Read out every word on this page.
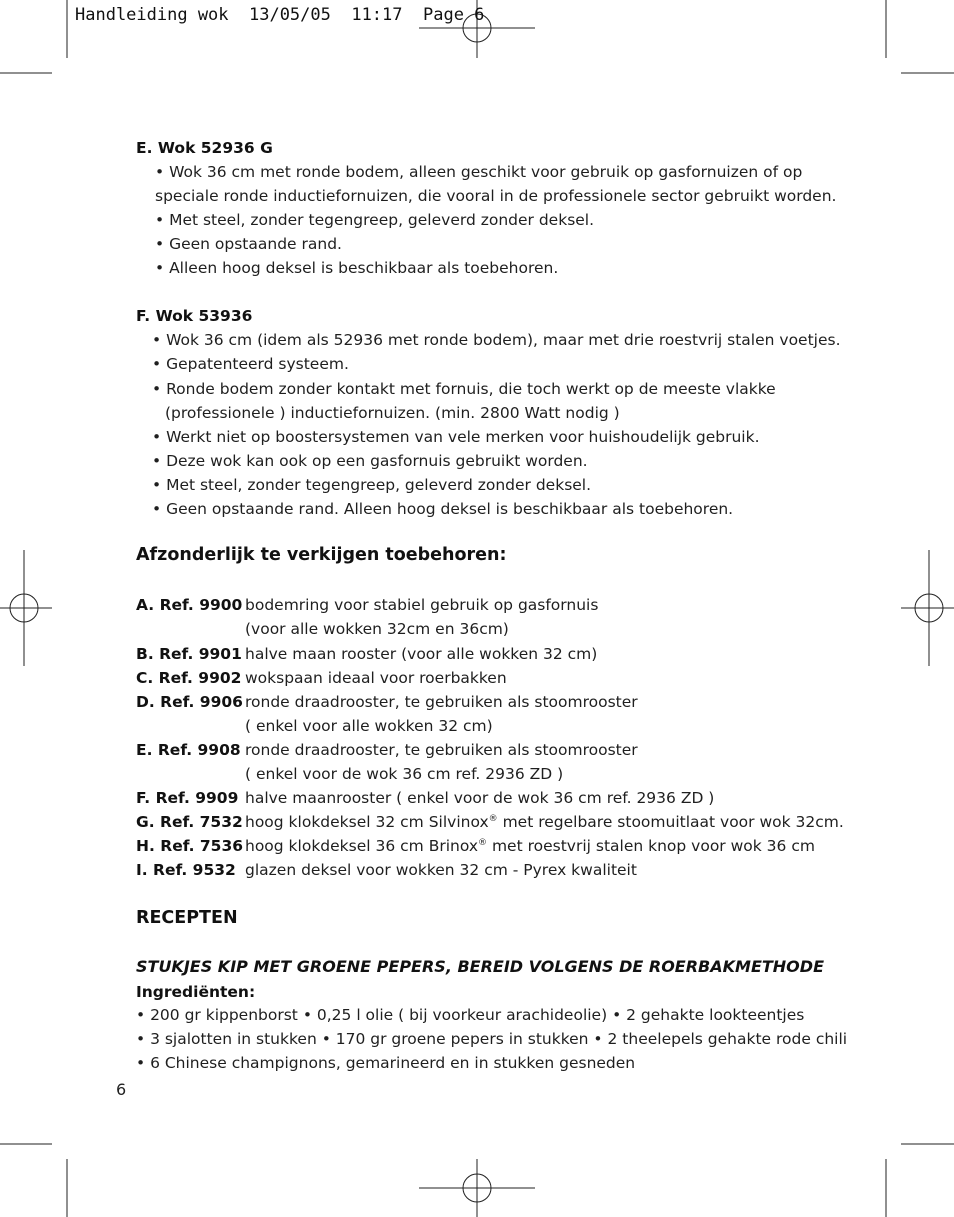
Handleiding wok  13/05/05  11:17  Page 6
E. Wok 52936 G
• Wok 36 cm met ronde bodem, alleen geschikt voor gebruik op gasfornuizen of op
speciale ronde inductiefornuizen, die vooral in de professionele sector gebruikt worden.
• Met steel, zonder tegengreep, geleverd zonder deksel.
• Geen opstaande rand.
• Alleen hoog deksel is beschikbaar als toebehoren.
F. Wok 53936
• Wok 36 cm (idem als 52936 met ronde bodem), maar met drie roestvrij stalen voetjes.
• Gepatenteerd systeem.
• Ronde bodem zonder kontakt met fornuis, die toch werkt op de meeste vlakke
(professionele ) inductiefornuizen. (min. 2800 Watt nodig )
• Werkt niet op boostersystemen van vele merken voor huishoudelijk gebruik.
• Deze wok kan ook op een gasfornuis gebruikt worden.
• Met steel, zonder tegengreep, geleverd zonder deksel.
• Geen opstaande rand. Alleen hoog deksel is beschikbaar als toebehoren.
Afzonderlijk te verkijgen toebehoren:
A. Ref. 9900 bodemring voor stabiel gebruik op gasfornuis
(voor alle wokken 32cm en 36cm)
B. Ref. 9901 halve maan rooster (voor alle wokken 32 cm)
C. Ref. 9902 wokspaan ideaal voor roerbakken
D. Ref. 9906 ronde draadrooster, te gebruiken als stoomrooster
( enkel voor alle wokken 32 cm)
E. Ref. 9908 ronde draadrooster, te gebruiken als stoomrooster
( enkel voor de wok 36 cm ref. 2936 ZD )
F. Ref. 9909 halve maanrooster ( enkel voor de wok 36 cm ref. 2936 ZD )
G. Ref. 7532 hoog klokdeksel 32 cm Silvinox® met regelbare stoomuitlaat voor wok 32cm.
H. Ref. 7536 hoog klokdeksel 36 cm Brinox® met roestvrij stalen knop voor wok 36 cm
I. Ref. 9532 glazen deksel voor wokken 32 cm - Pyrex kwaliteit
RECEPTEN
STUKJES KIP MET GROENE PEPERS, BEREID VOLGENS DE ROERBAKMETHODE
Ingrediënten:
• 200 gr kippenborst • 0,25 l olie ( bij voorkeur arachideolie) • 2 gehakte lookteentjes
• 3 sjalotten in stukken • 170 gr groene pepers in stukken • 2 theelepels gehakte rode chili
• 6 Chinese champignons, gemarineerd en in stukken gesneden
6
